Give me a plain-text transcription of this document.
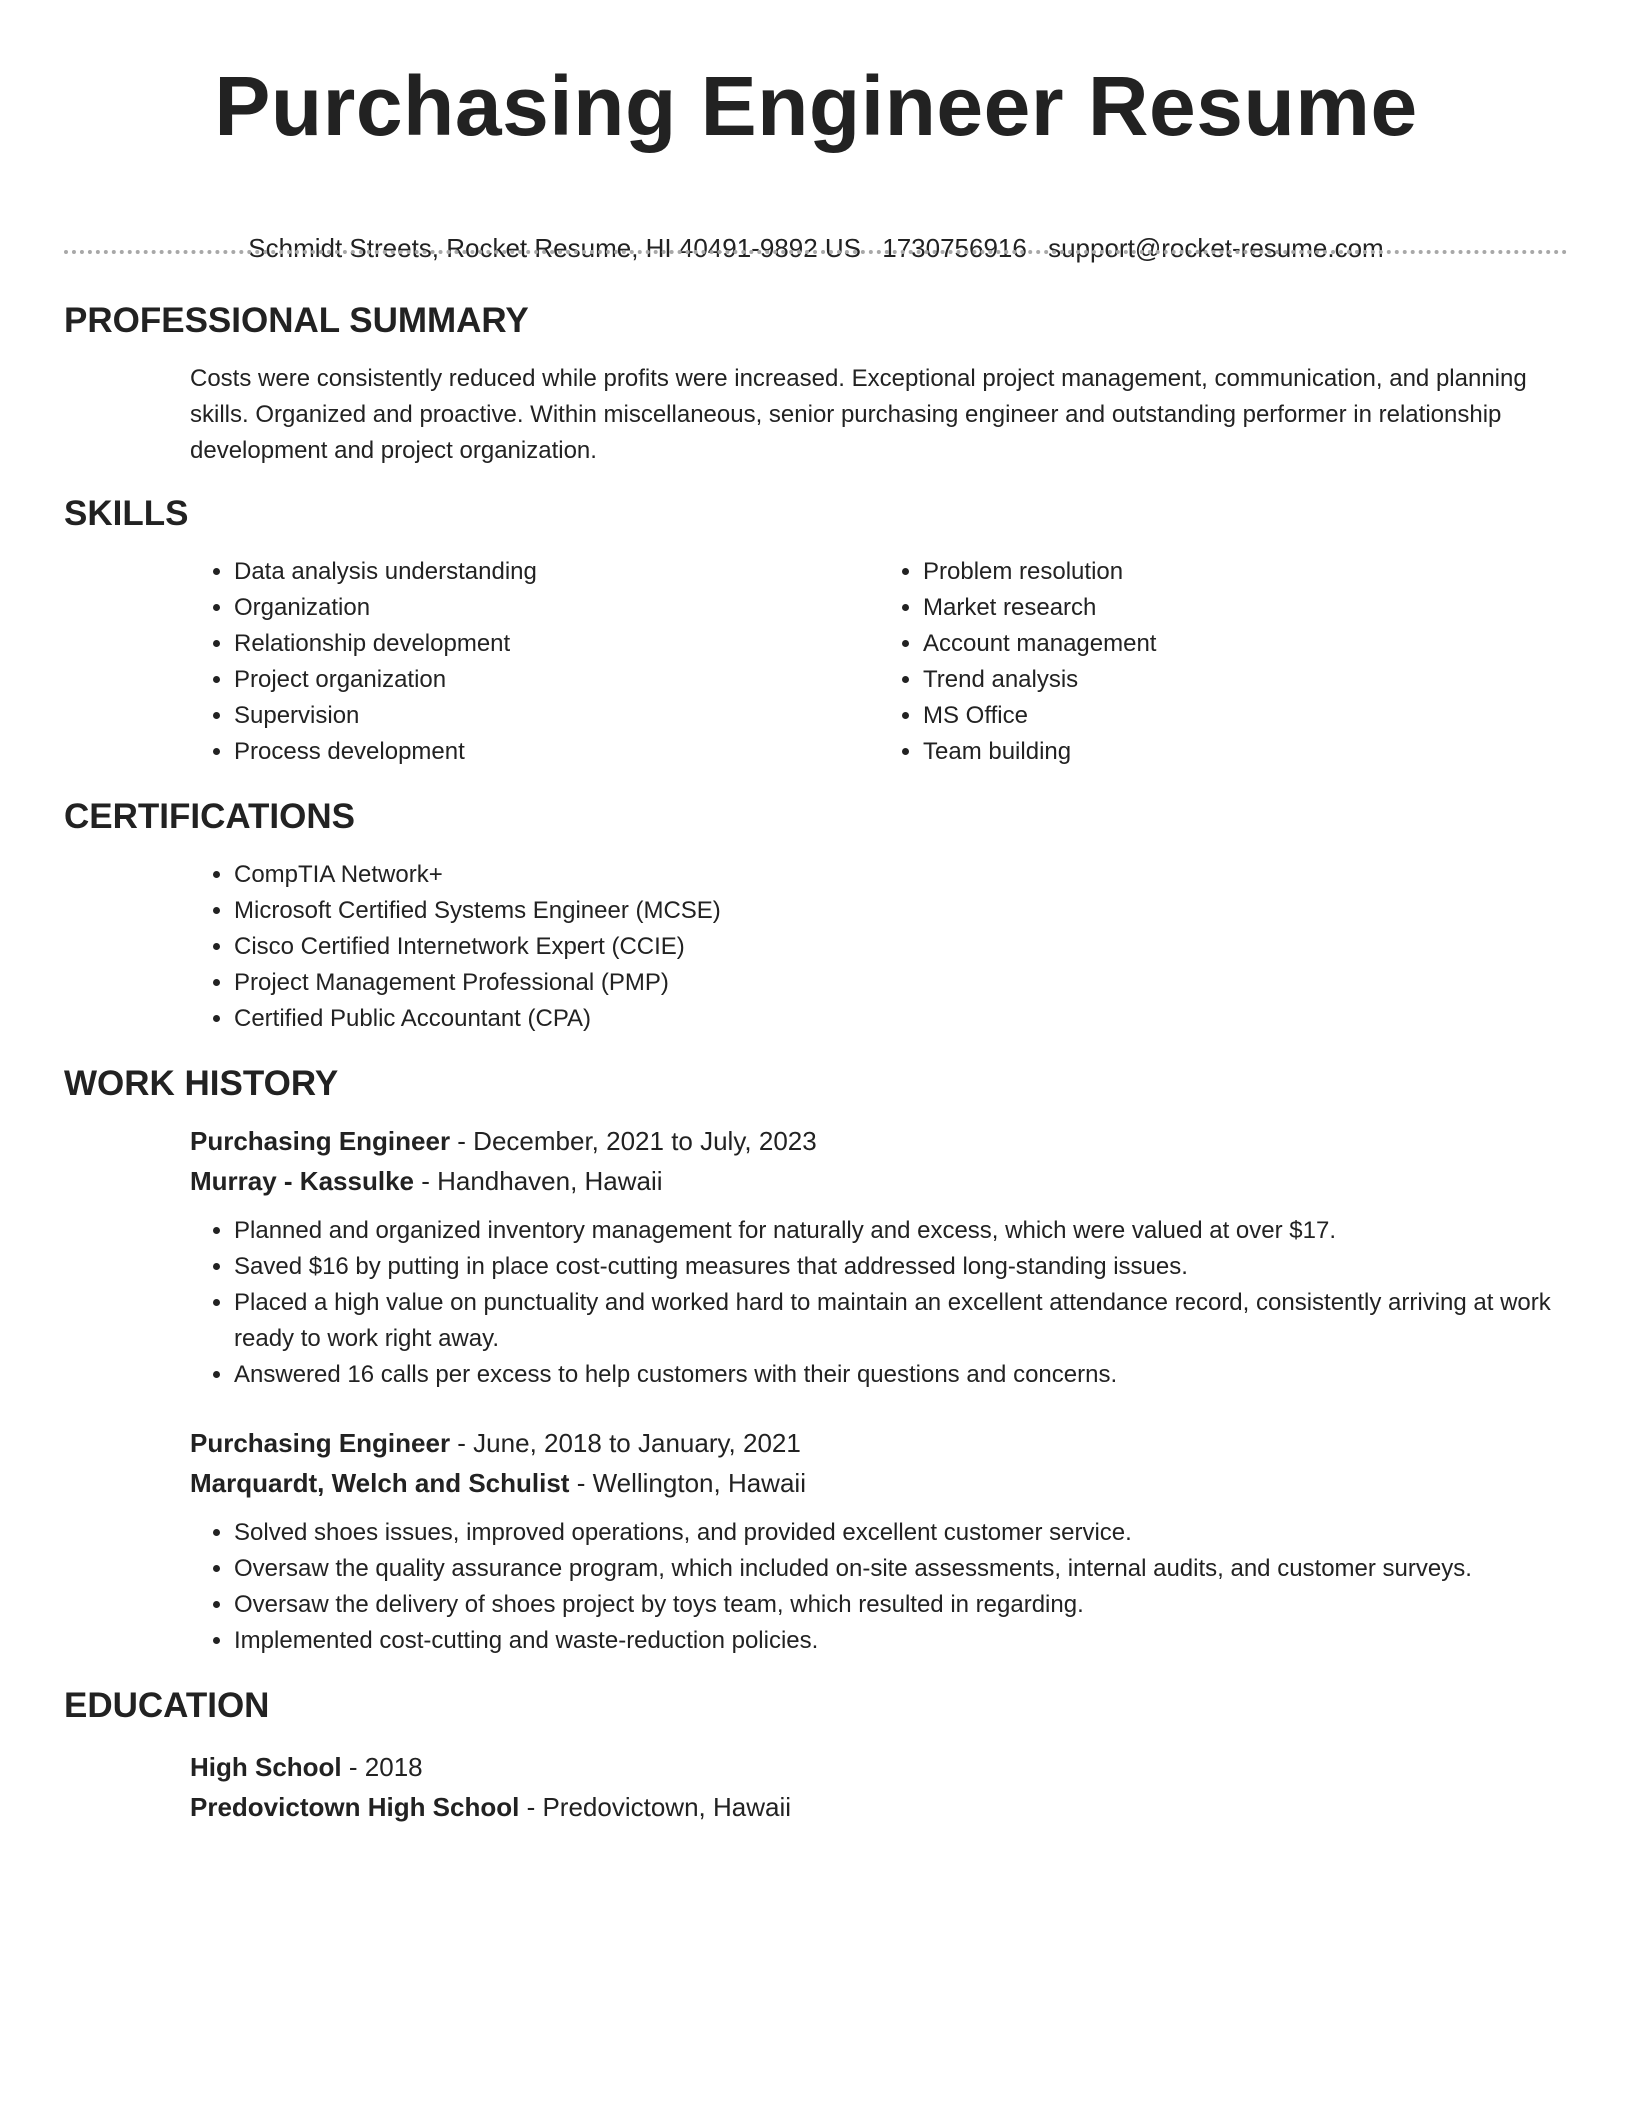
Purchasing Engineer Resume
Schmidt Streets, Rocket Resume, HI 40491-9892 US 1730756916 support@rocket-resume.com
PROFESSIONAL SUMMARY

Costs were consistently reduced while profits were increased. Exceptional project management, communication, and planning skills. Organized and proactive. Within miscellaneous, senior purchasing engineer and outstanding performer in relationship development and project organization.

SKILLS
• Data analysis understanding
• Organization
• Relationship development
• Project organization
• Supervision
• Process development
• Problem resolution
• Market research
• Account management
• Trend analysis
• MS Office
• Team building
CERTIFICATIONS
• CompTIA Network+
• Microsoft Certified Systems Engineer (MCSE)
• Cisco Certified Internetwork Expert (CCIE)
• Project Management Professional (PMP)
• Certified Public Accountant (CPA)
WORK HISTORY
Purchasing Engineer - December, 2021 to July, 2023
Murray - Kassulke - Handhaven, Hawaii
• Planned and organized inventory management for naturally and excess, which were valued at over $17.
• Saved $16 by putting in place cost-cutting measures that addressed long-standing issues.
• Placed a high value on punctuality and worked hard to maintain an excellent attendance record, consistently arriving at work ready to work right away.
• Answered 16 calls per excess to help customers with their questions and concerns.
Purchasing Engineer - June, 2018 to January, 2021
Marquardt, Welch and Schulist - Wellington, Hawaii
• Solved shoes issues, improved operations, and provided excellent customer service.
• Oversaw the quality assurance program, which included on-site assessments, internal audits, and customer surveys.
• Oversaw the delivery of shoes project by toys team, which resulted in regarding.
• Implemented cost-cutting and waste-reduction policies.
EDUCATION
High School - 2018
Predovictown High School - Predovictown, Hawaii
